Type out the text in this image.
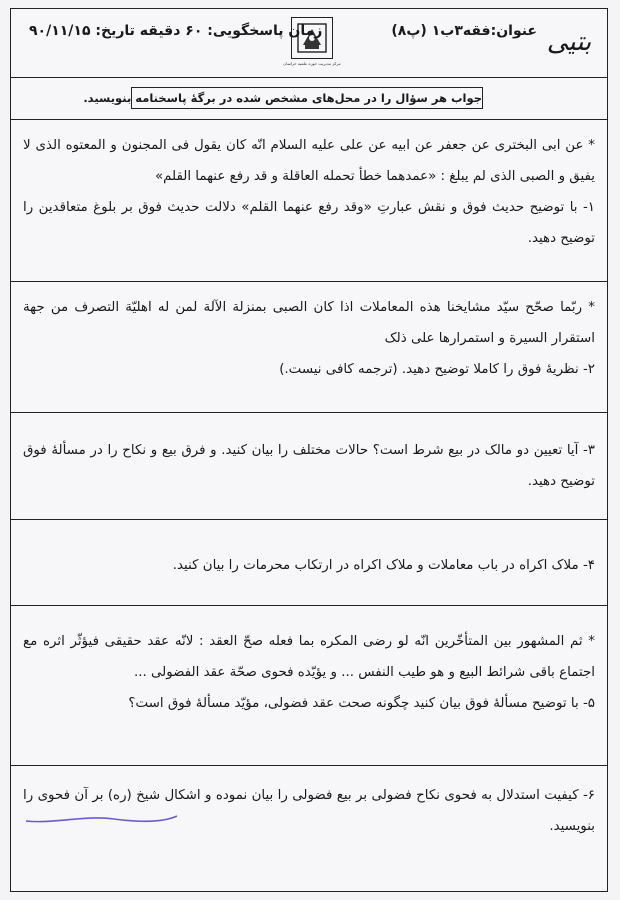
بتیی
عنوان:فقه۳ب۱ (پ۸)
مرکز مدیریت حوزه علمیه خراسان
زمان پاسخگویی: ۶۰ دقیقه تاریخ: ۹۰/۱۱/۱۵
جواب هر سؤال را در محل‌های مشخص شده در برگهٔ پاسخنامه بنویسید.

* عن ابی البختری عن جعفر عن ابیه عن علی علیه السلام انّه کان یقول فی المجنون و المعتوه الذی لا یفیق و الصبی الذی لم یبلغ : «عمدهما خطأ تحمله العاقلة و قد رفع عنهما القلم»

۱- با توضیح حدیث فوق و نقش عبارتِ «وقد رفع عنهما القلم» دلالت حدیث فوق بر بلوغ متعاقدین را توضیح دهید.

* ربّما صحّح سیّد مشایخنا هذه المعاملات اذا کان الصبی بمنزلة الآلة لمن له اهلیّة التصرف من جهة استقرار السیرة و استمرارها علی ذلک

۲- نظریهٔ فوق را کاملا توضیح دهید. (ترجمه کافی نیست.)

۳- آیا تعیین دو مالک در بیع شرط است؟ حالات مختلف را بیان کنید. و فرق بیع و نکاح را در مسألهٔ فوق توضیح دهید.

۴- ملاک اکراه در باب معاملات و ملاک اکراه در ارتکاب محرمات را بیان کنید.

* ثم المشهور بین المتأخّرین انّه لو رضی المکره بما فعله صحّ العقد : لانّه عقد حقیقی فیؤثّر اثره مع اجتماع باقی شرائط البیع و هو طیب النفس ... و یؤیّده فحوی صحّة عقد الفضولی ...

۵- با توضیح مسألهٔ فوق بیان کنید چگونه صحت عقد فضولی، مؤیّد مسألهٔ فوق است؟

۶- کیفیت استدلال به فحوی نکاح فضولی بر بیع فضولی را بیان نموده و اشکال شیخ (ره) بر آن فحوی را بنویسید.
